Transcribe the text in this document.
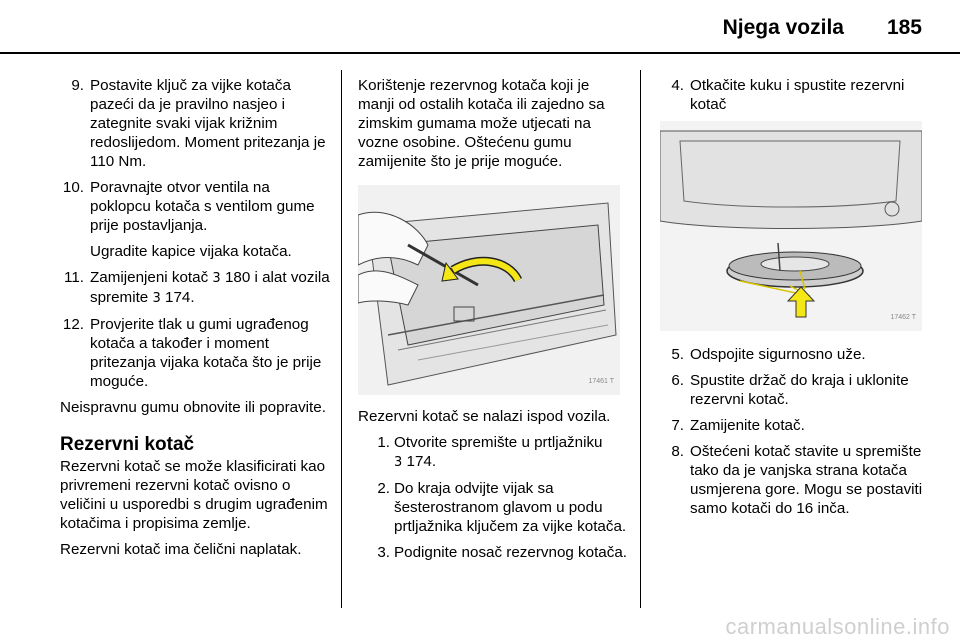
Njega vozila 185
9. Postavite ključ za vijke kotača pazeći da je pravilno nasjeo i zategnite svaki vijak križnim redoslijedom. Moment pritezanja je 110 Nm.
10. Poravnajte otvor ventila na poklopcu kotača s ventilom gume prije postavljanja.
Ugradite kapice vijaka kotača.
11. Zamijenjeni kotač 3 180 i alat vozila spremite 3 174.
12. Provjerite tlak u gumi ugrađenog kotača a također i moment pritezanja vijaka kotača što je prije moguće.

Neispravnu gumu obnovite ili popravite.

Rezervni kotač

Rezervni kotač se može klasificirati kao privremeni rezervni kotač ovisno o veličini u usporedbi s drugim ugrađenim kotačima i propisima zemlje.

Rezervni kotač ima čelični naplatak.

Korištenje rezervnog kotača koji je manji od ostalih kotača ili zajedno sa zimskim gumama može utjecati na vozne osobine. Oštećenu gumu zamijenite što je prije moguće.

17461 T

Rezervni kotač se nalazi ispod vozila.

1. Otvorite spremište u prtljažniku
3 174.
2. Do kraja odvijte vijak sa šesterostranom glavom u podu prtljažnika ključem za vijke kotača.
3. Podignite nosač rezervnog kotača.
4. Otkačite kuku i spustite rezervni kotač
17462 T
5. Odspojite sigurnosno uže.
6. Spustite držač do kraja i uklonite rezervni kotač.
7. Zamijenite kotač.
8. Oštećeni kotač stavite u spremište tako da je vanjska strana kotača usmjerena gore. Mogu se postaviti samo kotači do 16 inča.
carmanualsonline.info
